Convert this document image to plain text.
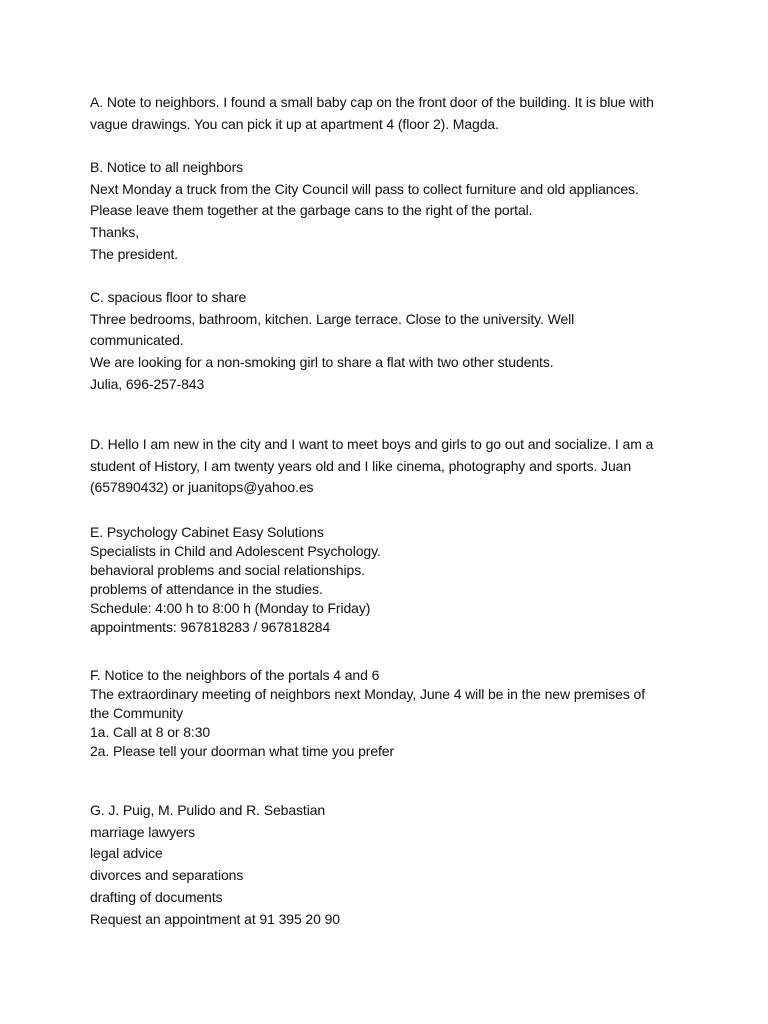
A. Note to neighbors. I found a small baby cap on the front door of the building. It is blue with
vague drawings. You can pick it up at apartment 4 (floor 2). Magda.
B. Notice to all neighbors
Next Monday a truck from the City Council will pass to collect furniture and old appliances.
Please leave them together at the garbage cans to the right of the portal.
Thanks,
The president.
C. spacious floor to share
Three bedrooms, bathroom, kitchen. Large terrace. Close to the university. Well
communicated.
We are looking for a non-smoking girl to share a flat with two other students.
Julia, 696-257-843
D. Hello I am new in the city and I want to meet boys and girls to go out and socialize. I am a
student of History, I am twenty years old and I like cinema, photography and sports. Juan
(657890432) or juanitops@yahoo.es
E. Psychology Cabinet Easy Solutions
Specialists in Child and Adolescent Psychology.
behavioral problems and social relationships.
problems of attendance in the studies.
Schedule: 4:00 h to 8:00 h (Monday to Friday)
appointments: 967818283 / 967818284
F. Notice to the neighbors of the portals 4 and 6
The extraordinary meeting of neighbors next Monday, June 4 will be in the new premises of
the Community
1a. Call at 8 or 8:30
2a. Please tell your doorman what time you prefer
G. J. Puig, M. Pulido and R. Sebastian
marriage lawyers
legal advice
divorces and separations
drafting of documents
Request an appointment at 91 395 20 90
